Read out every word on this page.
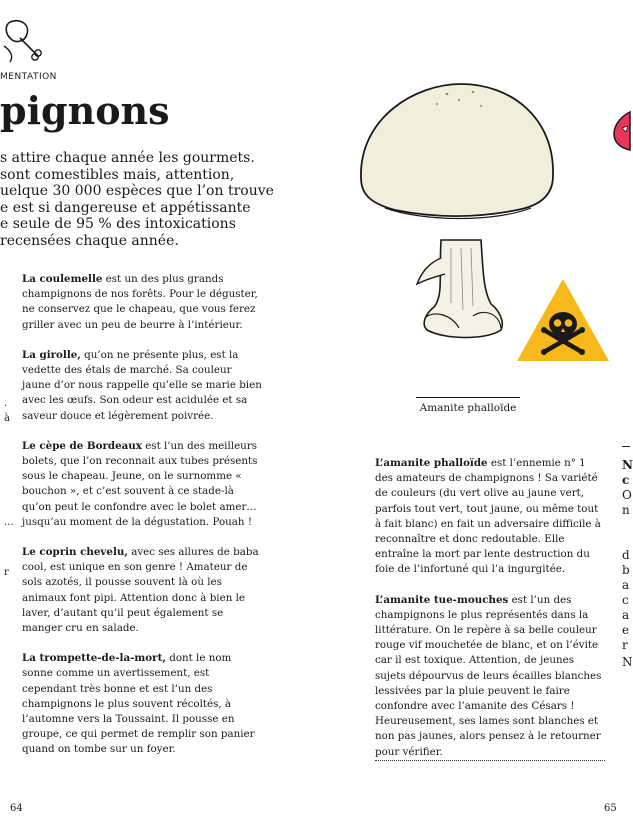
MENTATION
pignons
s attire chaque année les gourmets.
sont comestibles mais, attention,
uelque 30 000 espèces que l’on trouve
e est si dangereuse et appétissante
e seule de 95 % des intoxications
recensées chaque année.

La coulemelle est un des plus grands champignons de nos forêts. Pour le déguster, ne conservez que le chapeau, que vous ferez griller avec un peu de beurre à l’intérieur.

La girolle, qu’on ne présente plus, est la vedette des étals de marché. Sa couleur jaune d’or nous rappelle qu’elle se marie bien avec les œufs. Son odeur est acidulée et sa saveur douce et légèrement poivrée.

Le cèpe de Bordeaux est l’un des meilleurs bolets, que l’on reconnait aux tubes présents sous le chapeau. Jeune, on le surnomme « bouchon », et c’est souvent à ce stade-là qu’on peut le confondre avec le bolet amer… jusqu’au moment de la dégustation. Pouah !

Le coprin chevelu, avec ses allures de baba cool, est unique en son genre ! Amateur de sols azotés, il pousse souvent là où les animaux font pipi. Attention donc à bien le laver, d’autant qu’il peut également se manger cru en salade.

La trompette-de-la-mort, dont le nom sonne comme un avertissement, est cependant très bonne et est l’un des champignons le plus souvent récoltés, à l’automne vers la Toussaint. Il pousse en groupe, ce qui permet de remplir son panier quand on tombe sur un foyer.

.
à
...
r
Amanite phalloïde

L’amanite phalloïde est l’ennemie n° 1 des amateurs de champignons ! Sa variété de couleurs (du vert olive au jaune vert, parfois tout vert, tout jaune, ou même tout à fait blanc) en fait un adversaire difficile à reconnaître et donc redoutable. Elle entraîne la mort par lente destruction du foie de l’infortuné qui l’a ingurgitée.

L’amanite tue-mouches est l’un des champignons le plus représentés dans la littérature. On le repère à sa belle couleur rouge vif mouchetée de blanc, et on l’évite car il est toxique. Attention, de jeunes sujets dépourvus de leurs écailles blanches lessivées par la pluie peuvent le faire confondre avec l’amanite des Césars ! Heureusement, ses lames sont blanches et non pas jaunes, alors pensez à le retourner pour vérifier.

N
c
O
n
d
b
a
c
a
e
r
N
64	65
